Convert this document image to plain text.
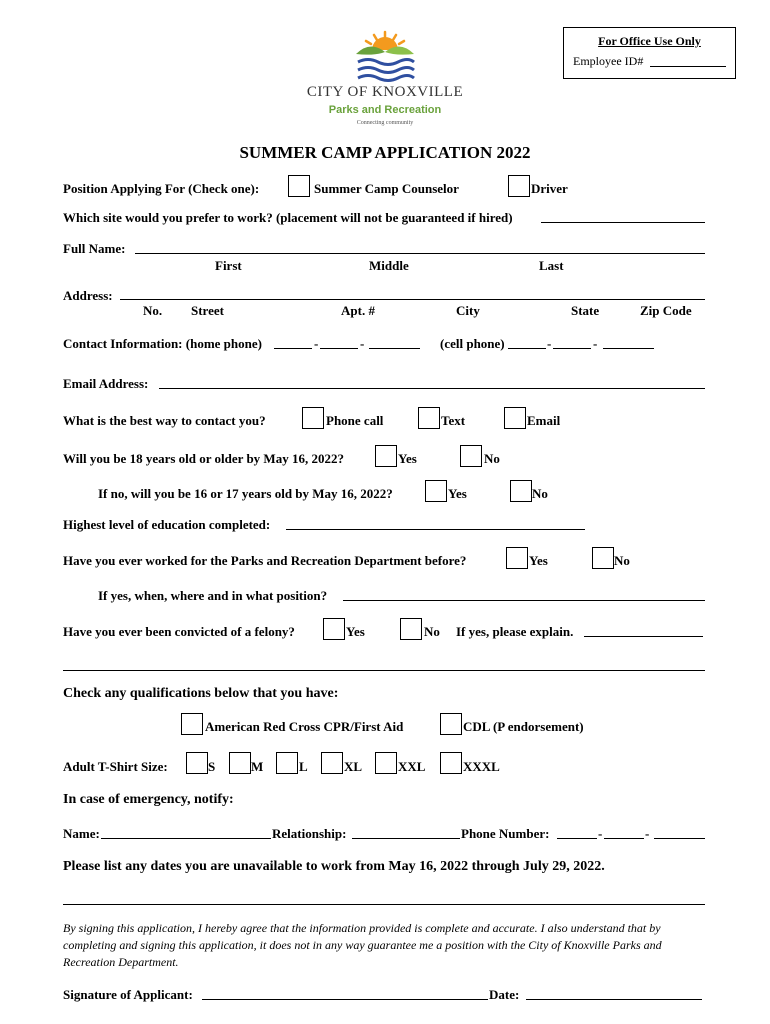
For Office Use Only
Employee ID#
CITY OF KNOXVILLE
Parks and Recreation
Connecting community
SUMMER CAMP APPLICATION 2022
Position Applying For (Check one):	Summer Camp Counselor	Driver
Which site would you prefer to work? (placement will not be guaranteed if hired)
Full Name:
First	Middle	Last
Address:
No. Street	Apt. #	City	State	Zip Code
Contact Information: (home phone)	-	-	(cell phone)	-	-
Email Address:
What is the best way to contact you?	Phone call	Text	Email
Will you be 18 years old or older by May 16, 2022?	Yes	No
If no, will you be 16 or 17 years old by May 16, 2022?	Yes	No
Highest level of education completed:
Have you ever worked for the Parks and Recreation Department before?	Yes	No
If yes, when, where and in what position?
Have you ever been convicted of a felony?	Yes	No If yes, please explain.
Check any qualifications below that you have:
American Red Cross CPR/First Aid	CDL (P endorsement)
Adult T-Shirt Size:	S	M	L	XL	XXL	XXXL
In case of emergency, notify:
Name:	Relationship:	Phone Number:	-	-
Please list any dates you are unavailable to work from May 16, 2022 through July 29, 2022.
By signing this application, I hereby agree that the information provided is complete and accurate. I also understand that by completing and signing this application, it does not in any way guarantee me a position with the City of Knoxville Parks and Recreation Department.
Signature of Applicant:	Date:
